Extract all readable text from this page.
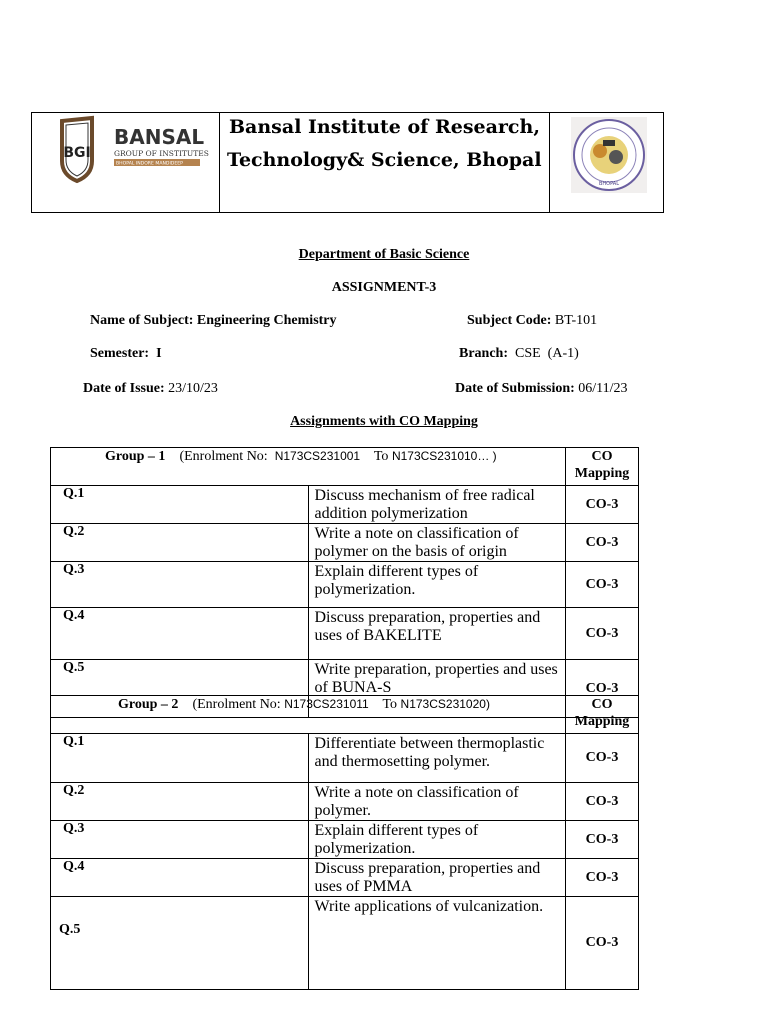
BGI
BANSAL
GROUP OF INSTITUTES
BHOPAL INDORE MANDIDEEP
Bansal Institute of Research,
Technology& Science, Bhopal
BHOPAL
Department of Basic Science
ASSIGNMENT-3
Name of Subject: Engineering Chemistry	Subject Code: BT-101
Semester: I	Branch: CSE  (A-1)
Date of Issue: 23/10/23	Date of Submission: 06/11/23
Assignments with CO Mapping
Group – 1 (Enrolment No: N173CS231001 To N173CS231010… )		CO Mapping
Q.1	Discuss mechanism of free radical addition polymerization	CO-3
Q.2	Write a note on classification of polymer on the basis of origin	CO-3
Q.3	Explain different types of polymerization.	CO-3
Q.4	Discuss preparation, properties and uses of BAKELITE	CO-3
Q.5	Write preparation, properties and uses of BUNA-S	CO-3
Group – 2 (Enrolment No: N173CS231011 To N173CS231020)		CO Mapping
Q.1	Differentiate between thermoplastic and thermosetting polymer.	CO-3
Q.2	Write a note on classification of polymer.	CO-3
Q.3	Explain different types of polymerization.	CO-3
Q.4	Discuss preparation, properties and uses of PMMA	CO-3
Q.5	Write applications of vulcanization.	CO-3
